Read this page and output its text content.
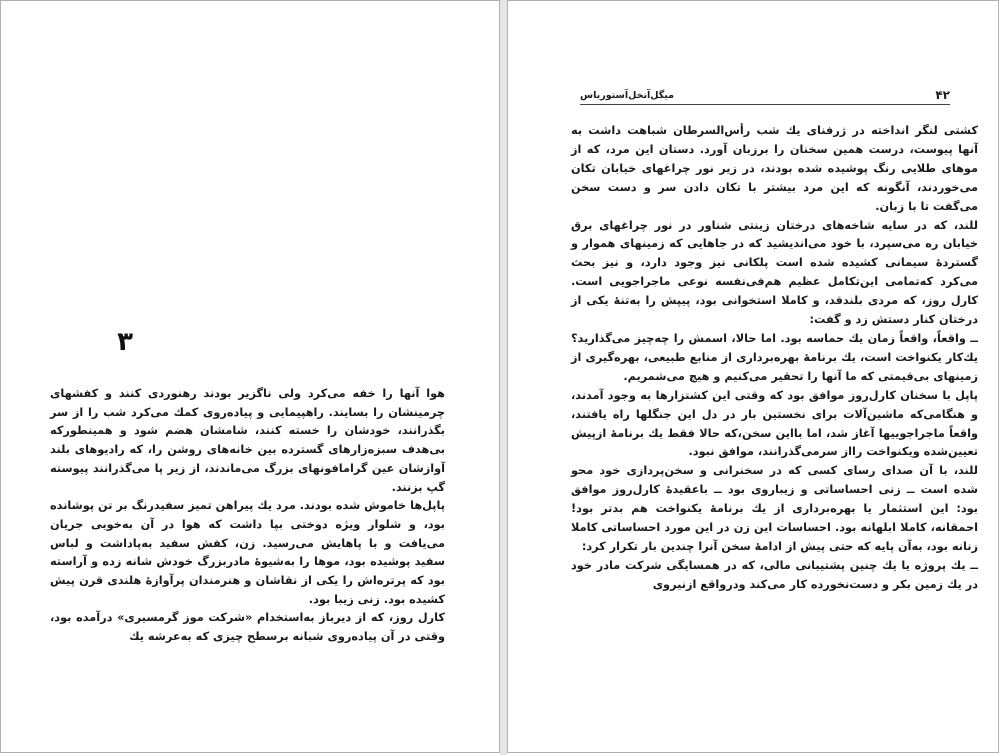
۳

هوا آنها را خفه می‌کرد ولی ناگزیر بودند رهنوردی کنند و کفشهای چرمینشان را بسایند. راهپیمایی و پیاده‌روی کمك می‌کرد شب را از سر بگذرانند، خودشان را خسته کنند، شامشان هضم شود و همینطورکه بی‌هدف سبزه‌زارهای گسترده بین خانه‌های روشن را، که رادیوهای بلند آوازشان عین گرامافونهای بزرگ می‌ماندند، از زیر پا می‌گذرانند پیوسته گپ بزنند.

پاپل‌ها خاموش شده بودند. مرد یك پیراهن تمیز سفیدرنگ بر تن پوشانده بود، و شلوار ویژه دوختی بپا داشت که هوا در آن به‌خوبی جریان می‌یافت و با پاهایش می‌رسید. زن، کفش سفید به‌پاداشت و لباس سفید پوشیده بود، موها را به‌شیوهٔ مادربزرگ خودش شانه زده و آراسته بود که پرتره‌اش را یکی از نقاشان و هنرمندان پرآوازهٔ هلندی قرن پیش کشیده بود. زنی زیبا بود.

کارل روز، که از دیرباز به‌استخدام «شرکت موز گرمسیری» درآمده بود، وقتی در آن پیاده‌روی شبانه برسطح چیزی که به‌عرشه یك

۴۲
میگل‌آنخل‌آستوریاس

کشتی لنگر انداخته در ژرفنای یك شب رأس‌السرطان شباهت داشت به آنها پیوست، درست همین سخنان را برزبان آورد. دستان این مرد، که از موهای طلایی رنگ پوشیده شده بودند، در زیر نور چراغهای خیابان تکان می‌خوردند، آنگونه که این مرد بیشتر با تکان دادن سر و دست سخن می‌گفت تا با زبان.

للند، که در سایه شاخه‌های درختان زینتی شناور در نور چراغهای برق خیابان ره می‌سپرد، با خود می‌اندیشید که در جاهایی که زمینهای هموار و گستردهٔ سیمانی کشیده شده است پلکانی نیز وجود دارد، و نیز بحث می‌کرد که‌تمامی این‌تکامل عظیم هم‌فی‌نفسه نوعی ماجراجویی است. کارل روز، که مردی بلندقد، و کاملا استخوانی بود، پیپش را به‌تنهٔ یکی از درختان کنار دستش زد و گفت:

ــ واقعاً، واقعاً زمان یك حماسه بود. اما حالا، اسمش را چه‌چیز می‌گذارید؟ یك‌کار یکنواخت است، یك برنامهٔ بهره‌برداری از منابع طبیعی، بهره‌گیری از زمینهای بی‌قیمتی که ما آنها را تحقیر می‌کنیم و هیچ می‌شمریم.

پاپل با سخنان کارل‌روز موافق بود که وقتی این کشتزارها به وجود آمدند، و هنگامی‌که ماشین‌آلات برای نخستین بار در دل این جنگلها راه یافتند، واقعاً ماجراجوییها آغاز شد، اما بااین سخن،که حالا فقط یك برنامهٔ ازپیش تعیین‌شده ویکنواخت رااز سرمی‌گذرانند، موافق نبود.

للند، با آن صدای رسای کسی که در سخنرانی و سخن‌پردازی خود محو شده است ــ زنی احساساتی و زیباروی بود ــ باعقیدهٔ کارل‌روز موافق بود: این استثمار یا بهره‌برداری از یك برنامهٔ یکنواخت هم بدتر بود! احمقانه، کاملا ابلهانه بود. احساسات این زن در این مورد احساساتی کاملا زنانه بود، به‌آن پایه که حتی پیش از ادامهٔ سخن آنرا چندین بار تکرار کرد:

ــ یك پروژه یا یك چنین پشتیبانی مالی، که در همسایگی شرکت مادر خود در یك زمین بکر و دست‌نخورده کار می‌کند ودرواقع ازنیروی
